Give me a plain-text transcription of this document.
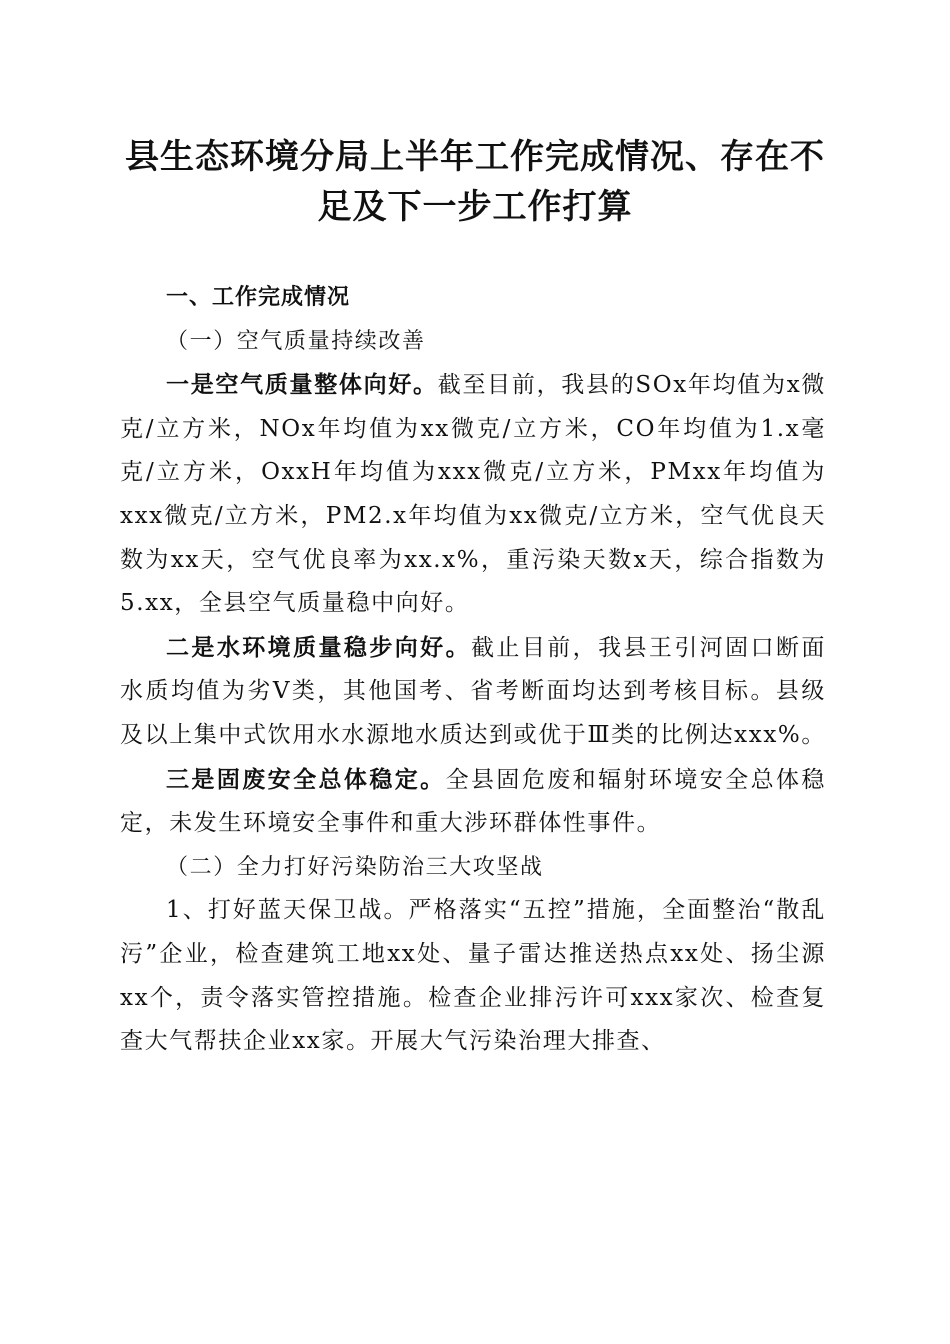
县生态环境分局上半年工作完成情况、存在不
足及下一步工作打算

一、工作完成情况

（一）空气质量持续改善

一是空气质量整体向好。截至目前，我县的SOx年均值为x微克/立方米，NOx年均值为xx微克/立方米，CO年均值为1.x毫克/立方米，OxxH年均值为xxx微克/立方米，PMxx年均值为xxx微克/立方米，PM2.x年均值为xx微克/立方米，空气优良天数为xx天，空气优良率为xx.x%，重污染天数x天，综合指数为5.xx，全县空气质量稳中向好。

二是水环境质量稳步向好。截止目前，我县王引河固口断面水质均值为劣Ⅴ类，其他国考、省考断面均达到考核目标。县级及以上集中式饮用水水源地水质达到或优于Ⅲ类的比例达xxx%。

三是固废安全总体稳定。全县固危废和辐射环境安全总体稳定，未发生环境安全事件和重大涉环群体性事件。

（二）全力打好污染防治三大攻坚战

1、打好蓝天保卫战。严格落实“五控”措施，全面整治“散乱污”企业，检查建筑工地xx处、量子雷达推送热点xx处、扬尘源xx个，责令落实管控措施。检查企业排污许可xxx家次、检查复查大气帮扶企业xx家。开展大气污染治理大排查、
